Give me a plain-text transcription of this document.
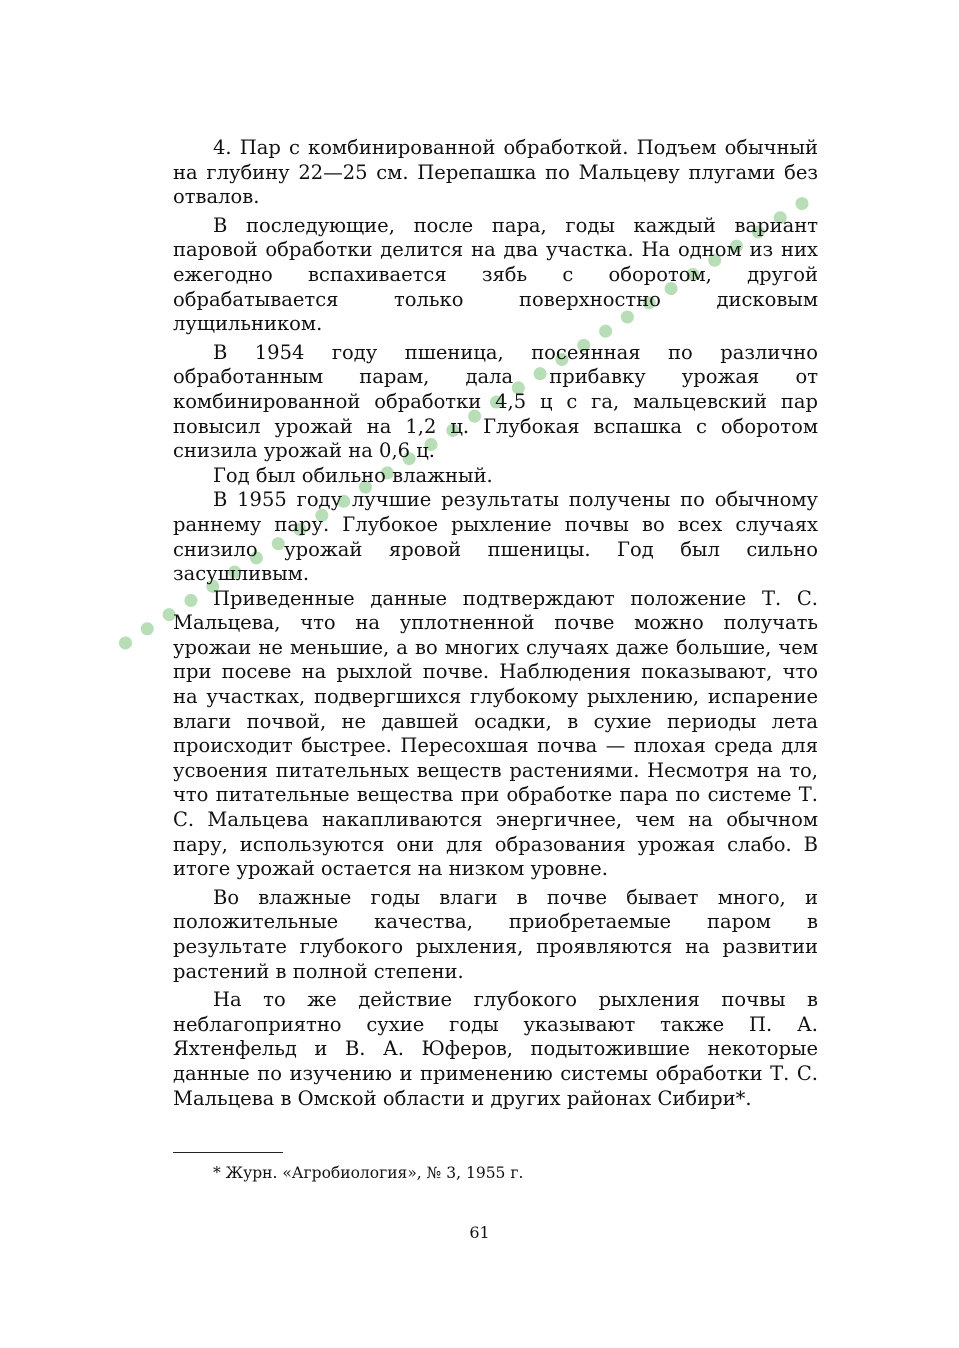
4. Пар с комбинированной обработкой. Подъем обычный на глубину 22—25 см. Перепашка по Мальцеву плугами без отвалов.

В последующие, после пара, годы каждый вариант паровой обработки делится на два участка. На одном из них ежегодно вспахивается зябь с оборотом, другой обрабатывается только поверхностно дисковым лущильником.

В 1954 году пшеница, посеянная по различно обработанным парам, дала прибавку урожая от комбинированной обработки 4,5 ц с га, мальцевский пар повысил урожай на 1,2 ц. Глубокая вспашка с оборотом снизила урожай на 0,6 ц.

Год был обильно влажный.

В 1955 году лучшие результаты получены по обычному раннему пару. Глубокое рыхление почвы во всех случаях снизило урожай яровой пшеницы. Год был сильно засушливым.

Приведенные данные подтверждают положение Т. С. Мальцева, что на уплотненной почве можно получать урожаи не меньшие, а во многих случаях даже большие, чем при посеве на рыхлой почве. Наблюдения показывают, что на участках, подвергшихся глубокому рыхлению, испарение влаги почвой, не давшей осадки, в сухие периоды лета происходит быстрее. Пересохшая почва — плохая среда для усвоения питательных веществ растениями. Несмотря на то, что питательные вещества при обработке пара по системе Т. С. Мальцева накапливаются энергичнее, чем на обычном пару, используются они для образования урожая слабо. В итоге урожай остается на низком уровне.

Во влажные годы влаги в почве бывает много, и положительные качества, приобретаемые паром в результате глубокого рыхления, проявляются на развитии растений в полной степени.

На то же действие глубокого рыхления почвы в неблагоприятно сухие годы указывают также П. А. Яхтенфельд и В. А. Юферов, подытожившие некоторые данные по изучению и применению системы обработки Т. С. Мальцева в Омской области и других районах Сибири*.

* Журн. «Агробиология», № 3, 1955 г.
61
